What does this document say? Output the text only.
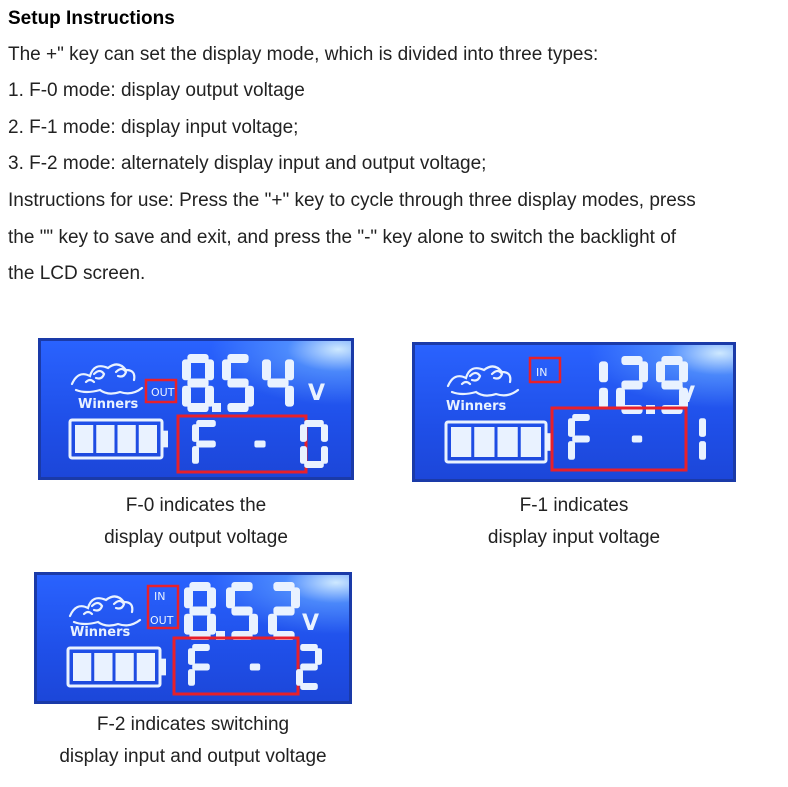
Setup Instructions
The +" key can set the display mode, which is divided into three types:
1. F-0 mode: display output voltage
2. F-1 mode: display input voltage;
3. F-2 mode: alternately display input and output voltage;
Instructions for use: Press the "+" key to cycle through three display modes, press
the "" key to save and exit, and press the "-" key alone to switch the backlight of
the LCD screen.
Winners
OUT	V
Winners
IN
V
Winners
IN
OUT	V
F-0 indicates the
display output voltage
F-1 indicates
display input voltage
F-2 indicates switching
display input and output voltage
